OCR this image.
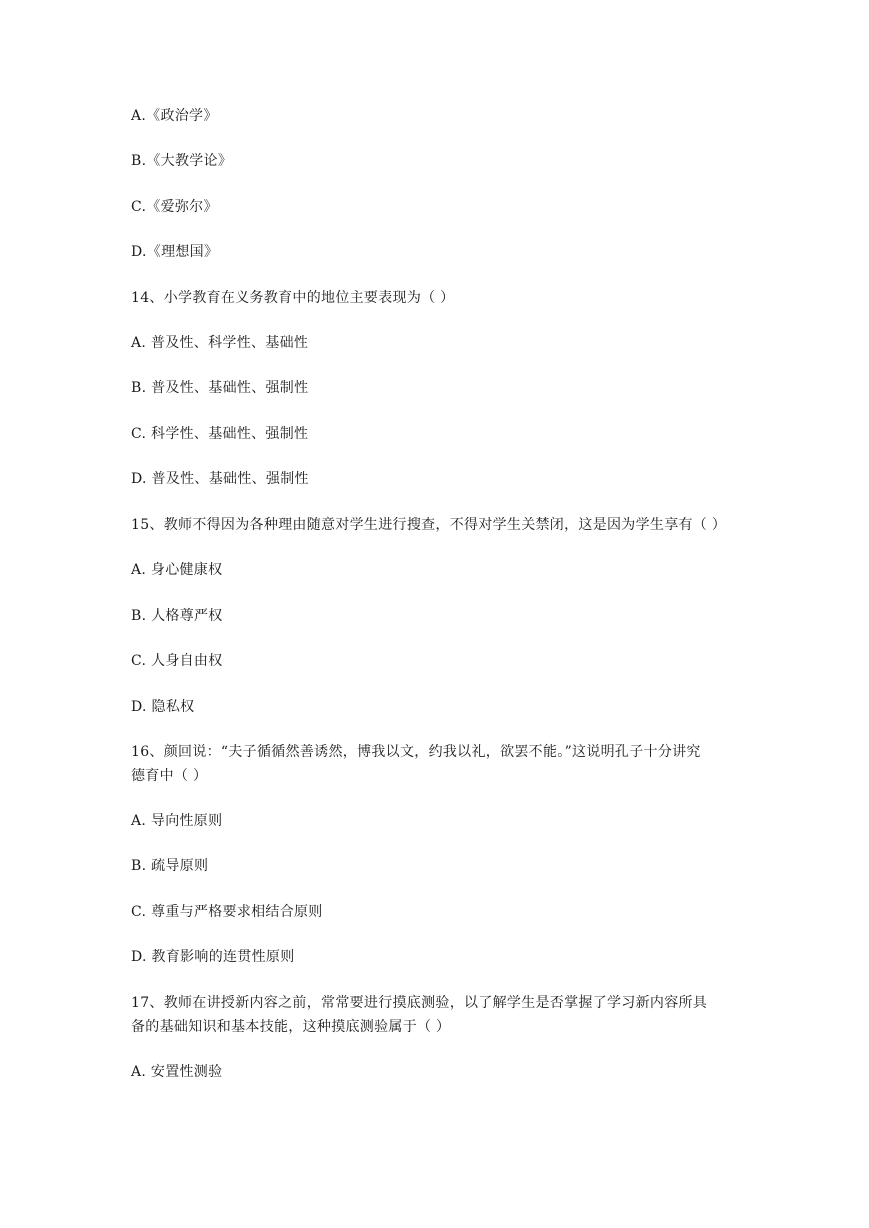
A.《政治学》
B.《大教学论》
C.《爱弥尔》
D.《理想国》
14、小学教育在义务教育中的地位主要表现为（ ）
A. 普及性、科学性、基础性
B. 普及性、基础性、强制性
C. 科学性、基础性、强制性
D. 普及性、基础性、强制性
15、教师不得因为各种理由随意对学生进行搜查，不得对学生关禁闭，这是因为学生享有（ ）
A. 身心健康权
B. 人格尊严权
C. 人身自由权
D. 隐私权
16、颜回说：“夫子循循然善诱然，博我以文，约我以礼，欲罢不能。”这说明孔子十分讲究
德育中（ ）
A. 导向性原则
B. 疏导原则
C. 尊重与严格要求相结合原则
D. 教育影响的连贯性原则
17、教师在讲授新内容之前，常常要进行摸底测验，以了解学生是否掌握了学习新内容所具
备的基础知识和基本技能，这种摸底测验属于（ ）
A. 安置性测验
